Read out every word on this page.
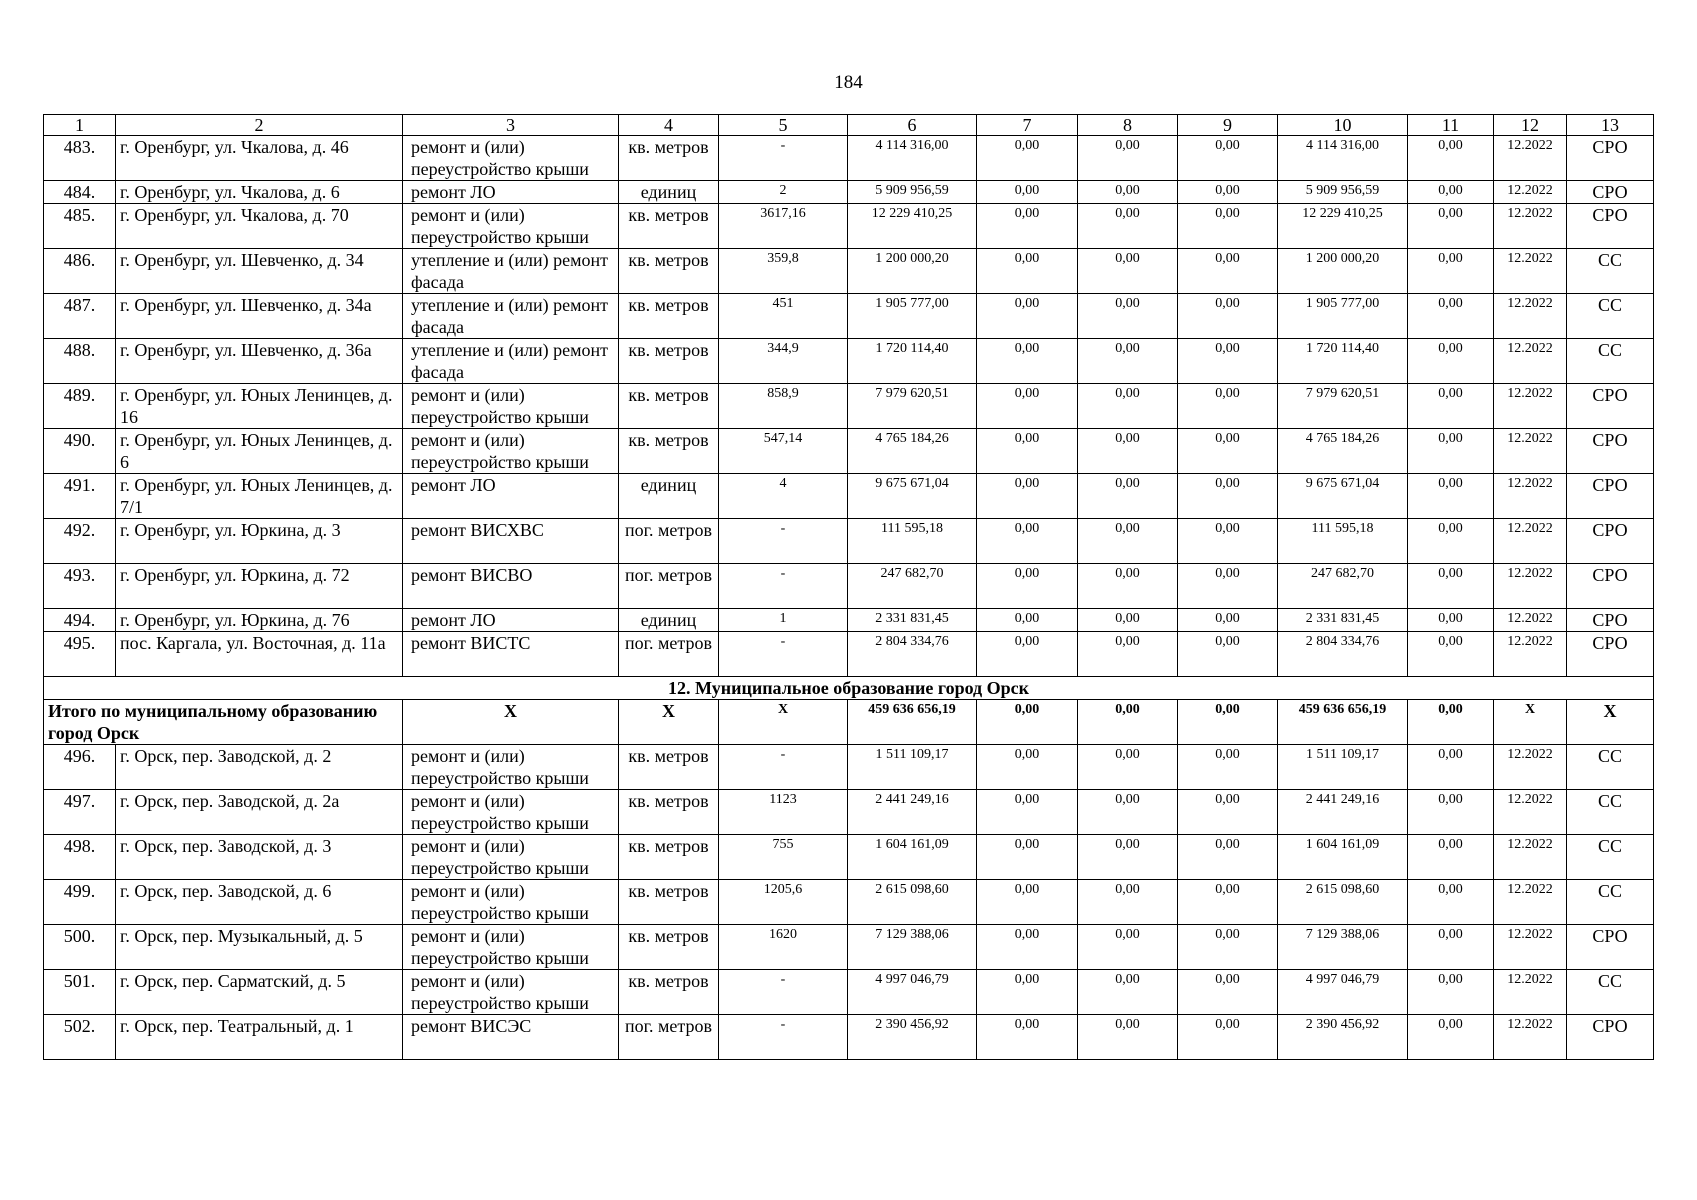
184
1	2	3	4	5	6	7	8	9	10	11	12	13
483.	г. Оренбург, ул. Чкалова, д. 46	ремонт и (или) переустройство крыши	кв. метров	-	4 114 316,00	0,00	0,00	0,00	4 114 316,00	0,00	12.2022	СРО
484.	г. Оренбург, ул. Чкалова, д. 6	ремонт ЛО	единиц	2	5 909 956,59	0,00	0,00	0,00	5 909 956,59	0,00	12.2022	СРО
485.	г. Оренбург, ул. Чкалова, д. 70	ремонт и (или) переустройство крыши	кв. метров	3617,16	12 229 410,25	0,00	0,00	0,00	12 229 410,25	0,00	12.2022	СРО
486.	г. Оренбург, ул. Шевченко, д. 34	утепление и (или) ремонт фасада	кв. метров	359,8	1 200 000,20	0,00	0,00	0,00	1 200 000,20	0,00	12.2022	СС
487.	г. Оренбург, ул. Шевченко, д. 34а	утепление и (или) ремонт фасада	кв. метров	451	1 905 777,00	0,00	0,00	0,00	1 905 777,00	0,00	12.2022	СС
488.	г. Оренбург, ул. Шевченко, д. 36а	утепление и (или) ремонт фасада	кв. метров	344,9	1 720 114,40	0,00	0,00	0,00	1 720 114,40	0,00	12.2022	СС
489.	г. Оренбург, ул. Юных Ленинцев, д. 16	ремонт и (или) переустройство крыши	кв. метров	858,9	7 979 620,51	0,00	0,00	0,00	7 979 620,51	0,00	12.2022	СРО
490.	г. Оренбург, ул. Юных Ленинцев, д. 6	ремонт и (или) переустройство крыши	кв. метров	547,14	4 765 184,26	0,00	0,00	0,00	4 765 184,26	0,00	12.2022	СРО
491.	г. Оренбург, ул. Юных Ленинцев, д. 7/1	ремонт ЛО	единиц	4	9 675 671,04	0,00	0,00	0,00	9 675 671,04	0,00	12.2022	СРО
492.	г. Оренбург, ул. Юркина, д. 3	ремонт ВИСХВС	пог. метров	-	111 595,18	0,00	0,00	0,00	111 595,18	0,00	12.2022	СРО
493.	г. Оренбург, ул. Юркина, д. 72	ремонт ВИСВО	пог. метров	-	247 682,70	0,00	0,00	0,00	247 682,70	0,00	12.2022	СРО
494.	г. Оренбург, ул. Юркина, д. 76	ремонт ЛО	единиц	1	2 331 831,45	0,00	0,00	0,00	2 331 831,45	0,00	12.2022	СРО
495.	пос. Каргала, ул. Восточная, д. 11а	ремонт ВИСТС	пог. метров	-	2 804 334,76	0,00	0,00	0,00	2 804 334,76	0,00	12.2022	СРО
12. Муниципальное образование город Орск												
Итого по муниципальному образованию город Орск		X	X	X	459 636 656,19	0,00	0,00	0,00	459 636 656,19	0,00	X	X
496.	г. Орск, пер. Заводской, д. 2	ремонт и (или) переустройство крыши	кв. метров	-	1 511 109,17	0,00	0,00	0,00	1 511 109,17	0,00	12.2022	СС
497.	г. Орск, пер. Заводской, д. 2а	ремонт и (или) переустройство крыши	кв. метров	1123	2 441 249,16	0,00	0,00	0,00	2 441 249,16	0,00	12.2022	СС
498.	г. Орск, пер. Заводской, д. 3	ремонт и (или) переустройство крыши	кв. метров	755	1 604 161,09	0,00	0,00	0,00	1 604 161,09	0,00	12.2022	СС
499.	г. Орск, пер. Заводской, д. 6	ремонт и (или) переустройство крыши	кв. метров	1205,6	2 615 098,60	0,00	0,00	0,00	2 615 098,60	0,00	12.2022	СС
500.	г. Орск, пер. Музыкальный, д. 5	ремонт и (или) переустройство крыши	кв. метров	1620	7 129 388,06	0,00	0,00	0,00	7 129 388,06	0,00	12.2022	СРО
501.	г. Орск, пер. Сарматский, д. 5	ремонт и (или) переустройство крыши	кв. метров	-	4 997 046,79	0,00	0,00	0,00	4 997 046,79	0,00	12.2022	СС
502.	г. Орск, пер. Театральный, д. 1	ремонт ВИСЭС	пог. метров	-	2 390 456,92	0,00	0,00	0,00	2 390 456,92	0,00	12.2022	СРО
